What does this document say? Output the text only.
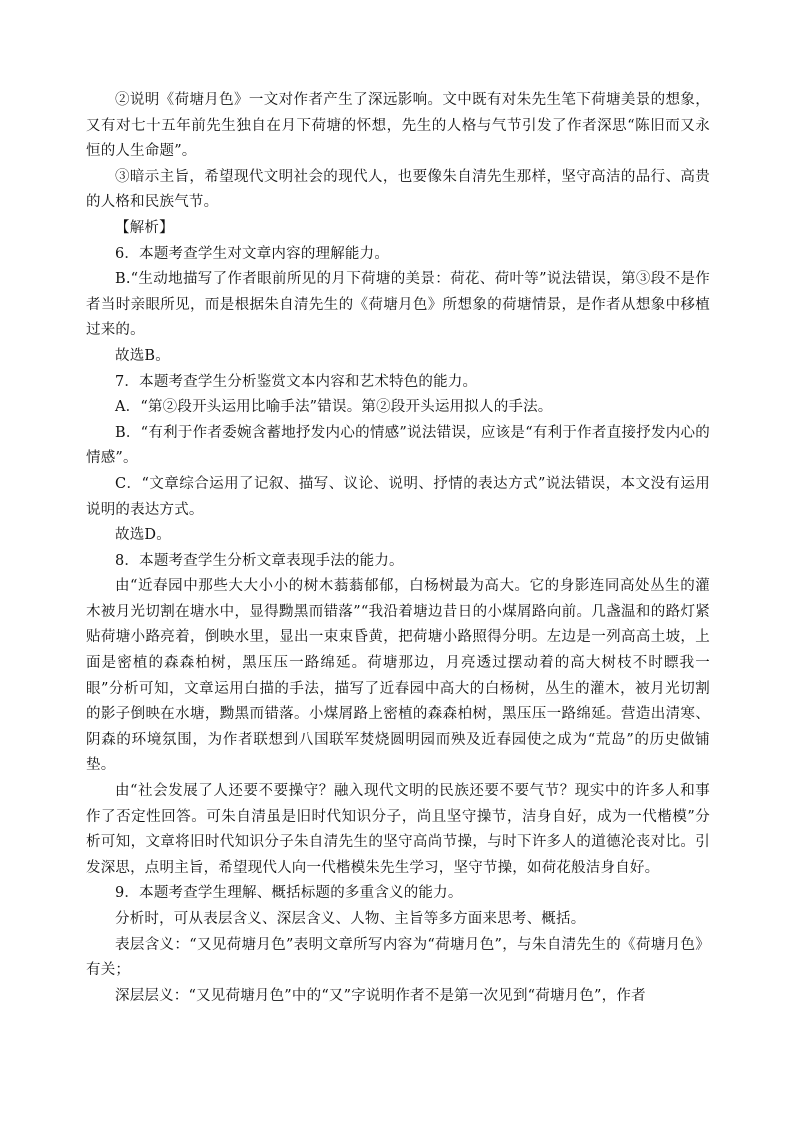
②说明《荷塘月色》一文对作者产生了深远影响。文中既有对朱先生笔下荷塘美景的想象，又有对七十五年前先生独自在月下荷塘的怀想，先生的人格与气节引发了作者深思“陈旧而又永恒的人生命题”。

③暗示主旨，希望现代文明社会的现代人，也要像朱自清先生那样，坚守高洁的品行、高贵的人格和民族气节。

【解析】

6．本题考查学生对文章内容的理解能力。

B.“生动地描写了作者眼前所见的月下荷塘的美景：荷花、荷叶等”说法错误，第③段不是作者当时亲眼所见，而是根据朱自清先生的《荷塘月色》所想象的荷塘情景，是作者从想象中移植过来的。

故选B。

7．本题考查学生分析鉴赏文本内容和艺术特色的能力。

A．“第②段开头运用比喻手法”错误。第②段开头运用拟人的手法。

B．“有利于作者委婉含蓄地抒发内心的情感”说法错误，应该是“有利于作者直接抒发内心的情感”。

C．“文章综合运用了记叙、描写、议论、说明、抒情的表达方式”说法错误，本文没有运用说明的表达方式。

故选D。

8．本题考查学生分析文章表现手法的能力。

由“近春园中那些大大小小的树木蓊蓊郁郁，白杨树最为高大。它的身影连同高处丛生的灌木被月光切割在塘水中，显得黝黑而错落”“我沿着塘边昔日的小煤屑路向前。几盏温和的路灯紧贴荷塘小路亮着，倒映水里，显出一束束昏黄，把荷塘小路照得分明。左边是一列高高土坡，上面是密植的森森柏树，黑压压一路绵延。荷塘那边，月亮透过摆动着的高大树枝不时瞟我一眼”分析可知，文章运用白描的手法，描写了近春园中高大的白杨树，丛生的灌木，被月光切割的影子倒映在水塘，黝黑而错落。小煤屑路上密植的森森柏树，黑压压一路绵延。营造出清寒、阴森的环境氛围，为作者联想到八国联军焚烧圆明园而殃及近春园使之成为“荒岛”的历史做铺垫。

由“社会发展了人还要不要操守？融入现代文明的民族还要不要气节？现实中的许多人和事作了否定性回答。可朱自清虽是旧时代知识分子，尚且坚守操节，洁身自好，成为一代楷模”分析可知，文章将旧时代知识分子朱自清先生的坚守高尚节操，与时下许多人的道德沦丧对比。引发深思，点明主旨，希望现代人向一代楷模朱先生学习，坚守节操，如荷花般洁身自好。

9．本题考查学生理解、概括标题的多重含义的能力。

分析时，可从表层含义、深层含义、人物、主旨等多方面来思考、概括。

表层含义：“又见荷塘月色”表明文章所写内容为“荷塘月色”，与朱自清先生的《荷塘月色》有关；

深层层义：“又见荷塘月色”中的“又”字说明作者不是第一次见到“荷塘月色”，作者
